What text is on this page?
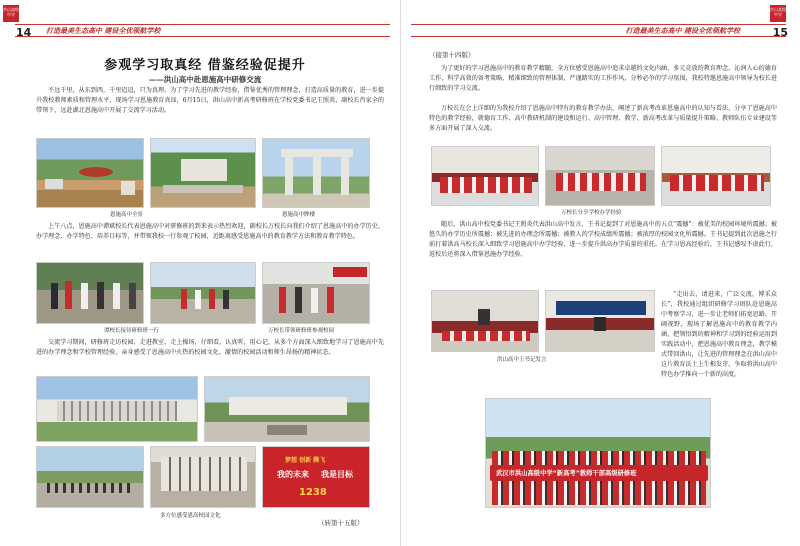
洪山高级中学
14 打造最美生态高中 建设全优领航学校
参观学习取真经 借鉴经验促提升
——洪山高中赴恩施高中研修交流
不远千里，从东到西，千里迢迢，只为真理。为了学习先进的教学经验，借鉴优秀的管理理念，打造高质量的教育，进一步提升我校教师素质和管理水平，现场学习恩施教育真谛，6月15日，洪山高中新高考研修班在学校党委书记王照炎、副校长肖家全的带领下，远赴湖北恩施高中开展了交流学习活动。
恩施高中全景	恩施高中牌楼
上午八点，恩施高中谭斌校长代表恩施高中对研修班的到来表示热烈欢迎，副校长万校长向我们介绍了恩施高中的办学历史、办学理念、办学特色、培养目标等，并带领我校一行参观了校园，近距离感受恩施高中的教育教学方法和教育教学特色。
谭校长接待研修班一行	万校长带领研修班参观校园
交流学习期间，研修班走访校园、走进教室、走上操场，仔细看，认真听，用心记，从多个方面深入细致地学习了恩施高中先进的办学理念和学校管理经验，亲身感受了恩施高中火热的校园文化、激情的校园活动和师生昂扬的精神状态。
梦想 创新 腾飞
我的未来 我是目标
1238
多方位感受恩高校园文化
（转第十五版）
洪山高级中学
15
打造最美生态高中 建设全优领航学校
（接第十四版）
为了更好的学习恩施高中的教育教学精髓，全方位感受恩施高中追求卓越的文化内涵、多元竞放的教育理念、沁润人心的德育工作、科学高效的备考策略、精准细致的管理体制、严谨踏实的工作作风，分秒必争的学习氛围，我校特邀恩施高中领导为校长进行细致的学习交流。
万校长在会上详细的为我校介绍了恩施高中特有的教育教学办法，阐述了新高考改革恩施高中的认知与看法，分享了恩施高中特色的教学经验，就德育工作、高中教研机制的建设和运行、高中管理、教学、新高考改革与质量提升策略、教师队伍专业建设等多方面开展了深入交流。
万校长分享学校办学经验
随后，洪山高中校党委书记王照炎代表洪山高中发言，王书记提到了对恩施高中的五点“震撼”：被优美的校园环境所震撼；被悠久的办学历史所震撼；被先进的办理念所震撼；被教人的学校成绩所震撼；被浓厚的校园文化所震撼。王书记提到此次恩施之行前打着洪高马校长深入细致学习恩施高中办学经验，进一步提升洪高办学质量的重托。在学习恩高经验后，王书记感叹不虚此行，返校后还将深入借鉴恩施办学经验。
洪山高中王书记发言
“走出去，请进来，广泛交流，博采众长”，我校通过组织研修学习团队赴恩施高中考察学习，进一步让老师们拓宽思路、开阔视野，现场了解恩施高中的教育教学内涵，把领悟到的精神和学习到的经验运用到实践活动中，把恩施高中教育理念，教学模式带回洪山，让先进的管理理念在洪山高中这片教育沃土上生根发芽，争取将洪山高中特色办学推向一个新的高度。
武汉市洪山高级中学“新高考”教师干部高级研修班
